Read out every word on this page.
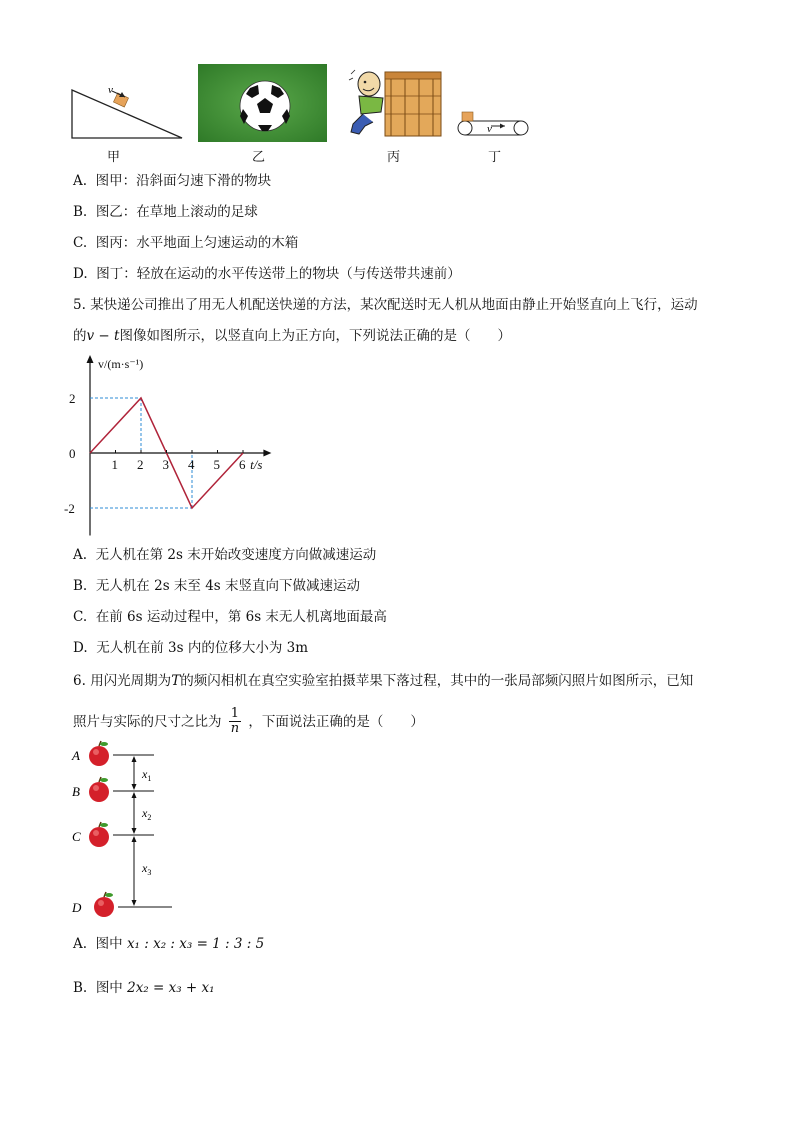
v
甲	乙	丙
v
丁
A. 图甲：沿斜面匀速下滑的物块
B. 图乙：在草地上滚动的足球
C. 图丙：水平地面上匀速运动的木箱
D. 图丁：轻放在运动的水平传送带上的物块（与传送带共速前）
5. 某快递公司推出了用无人机配送快递的方法，某次配送时无人机从地面由静止开始竖直向上飞行，运动
的v − t图像如图所示，以竖直向上为正方向，下列说法正确的是（　　）
1 2 3 4 5 6
2
0
-2
v/(m·s⁻¹)
t/s
A. 无人机在第 2s 末开始改变速度方向做减速运动
B. 无人机在 2s 末至 4s 末竖直向下做减速运动
C. 在前 6s 运动过程中，第 6s 末无人机离地面最高
D. 无人机在前 3s 内的位移大小为 3m
6. 用闪光周期为T的频闪相机在真空实验室拍摄苹果下落过程，其中的一张局部频闪照片如图所示，已知
照片与实际的尺寸之比为 $\frac{1}{n}$ ，下面说法正确的是（　　）
A
B
C
D
$x_1$
$x_2$
$x_3$
A. 图中 x₁ : x₂ : x₃ = 1 : 3 : 5
B. 图中 2x₂ = x₃ + x₁
